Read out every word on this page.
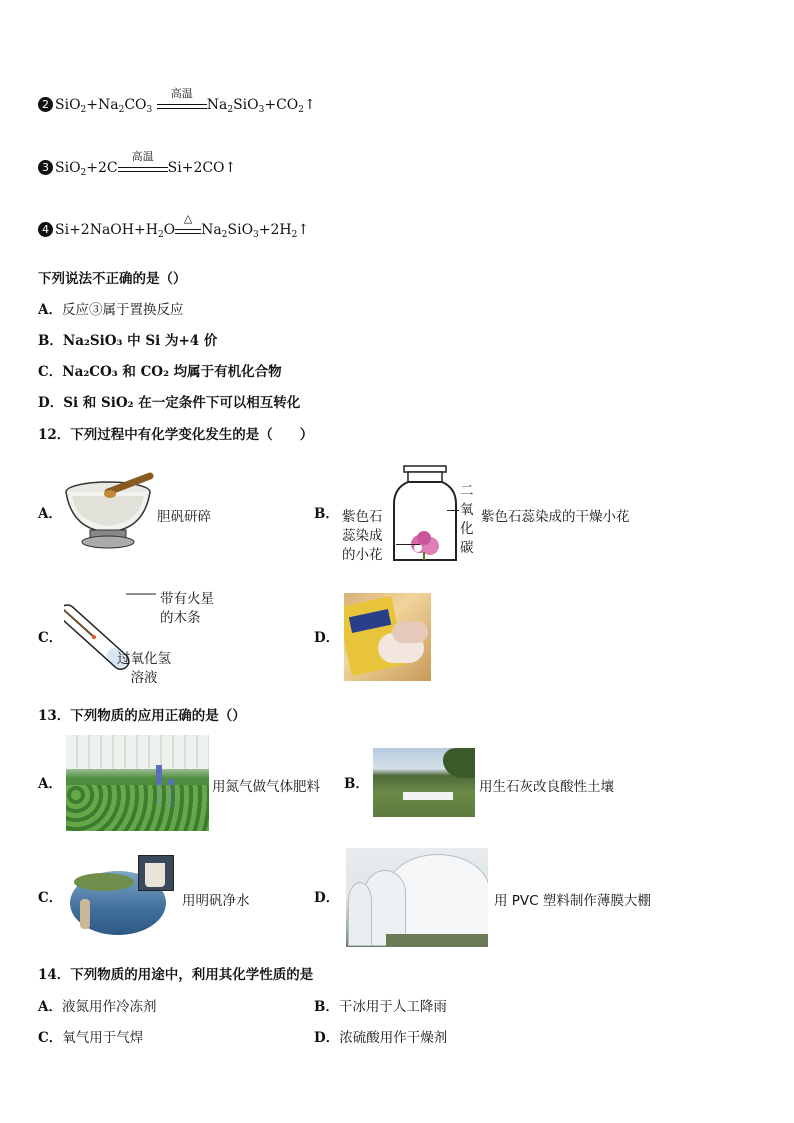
2 $SiO_2+Na_2CO_3$
高温
$Na_2SiO_3+CO_2↑$
3 SiO$_2$+2C
高温
Si+2CO↑
4 $Si+2NaOH+H_2O$
△
$Na_2SiO_3+2H_2↑$
下列说法不正确的是（）
A．反应③属于置换反应
B．Na₂SiO₃ 中 Si 为+4 价
C．Na₂CO₃ 和 CO₂ 均属于有机化合物
D．Si 和 SiO₂ 在一定条件下可以相互转化
12．下列过程中有化学变化发生的是（　　）
A．	胆矾研碎	B． 紫色石蕊染成的小花
二氧化碳
紫色石蕊染成的干燥小花
C．
带有火星的木条
过氧化氢溶液
D．
13．下列物质的应用正确的是（）
A．	用氮气做气体肥料 B．	用生石灰改良酸性土壤
C．	用明矾净水	D．	用 PVC 塑料制作薄膜大棚
14．下列物质的用途中，利用其化学性质的是
A．液氮用作冷冻剂	B．干冰用于人工降雨
C．氧气用于气焊	D．浓硫酸用作干燥剂
